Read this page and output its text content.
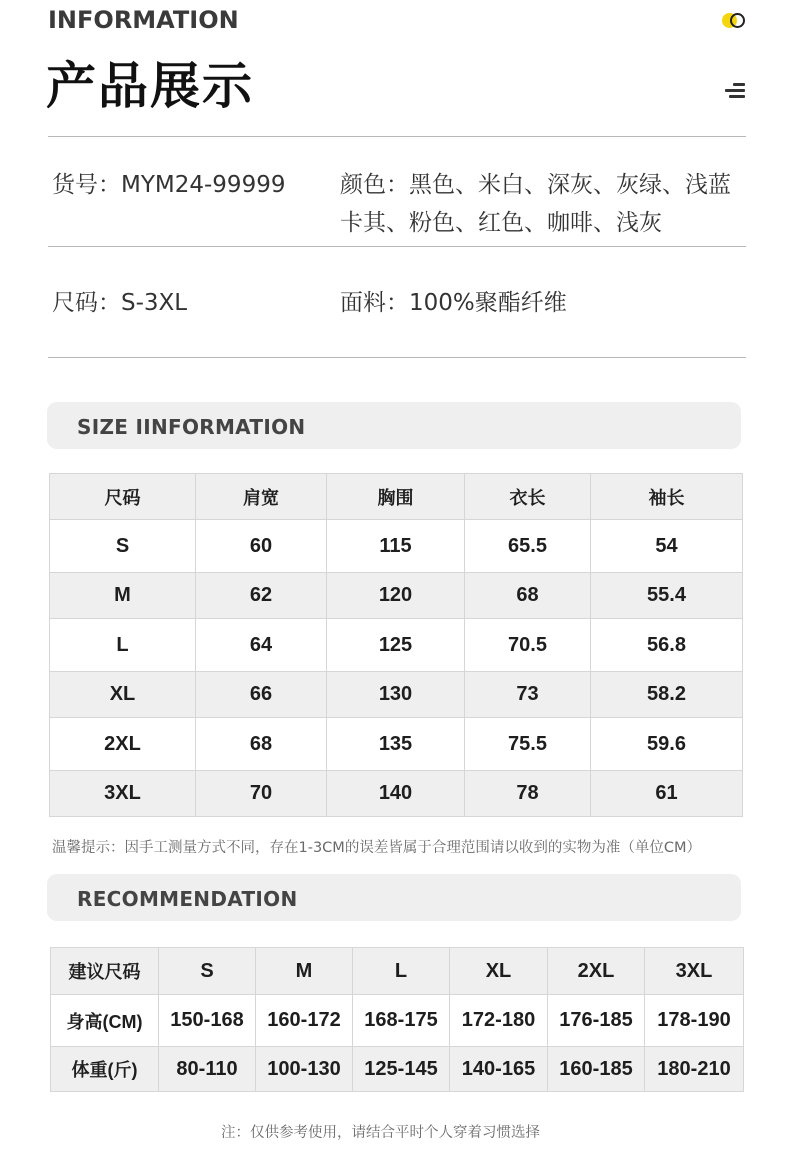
INFORMATION
产品展示
货号：MYM24-99999 颜色：黑色、米白、深灰、灰绿、浅蓝
卡其、粉色、红色、咖啡、浅灰
尺码：S-3XL	面料：100%聚酯纤维
SIZE IINFORMATION
尺码	肩宽	胸围	衣长	袖长
S	60	115	65.5	54
M	62	120	68	55.4
L	64	125	70.5	56.8
XL	66	130	73	58.2
2XL	68	135	75.5	59.6
3XL	70	140	78	61
温馨提示：因手工测量方式不同，存在1-3CM的误差皆属于合理范围请以收到的实物为准（单位CM）
RECOMMENDATION
建议尺码	S	M	L	XL	2XL	3XL
身高(CM)	150-168	160-172	168-175	172-180	176-185	178-190
体重(斤)	80-110	100-130	125-145	140-165	160-185	180-210
注：仅供参考使用，请结合平时个人穿着习惯选择
